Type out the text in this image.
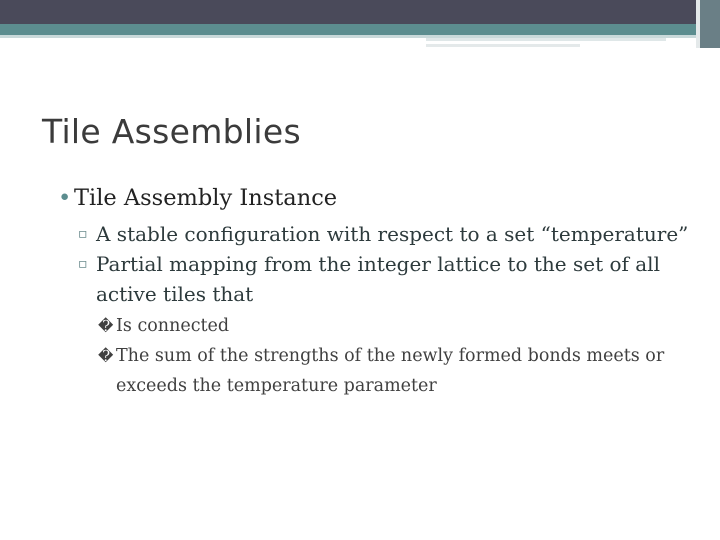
Tile Assemblies
• Tile Assembly Instance
▫ A stable configuration with respect to a set “temperature”
▫ Partial mapping from the integer lattice to the set of all active tiles that
� Is connected
� The sum of the strengths of the newly formed bonds meets or exceeds the temperature parameter
